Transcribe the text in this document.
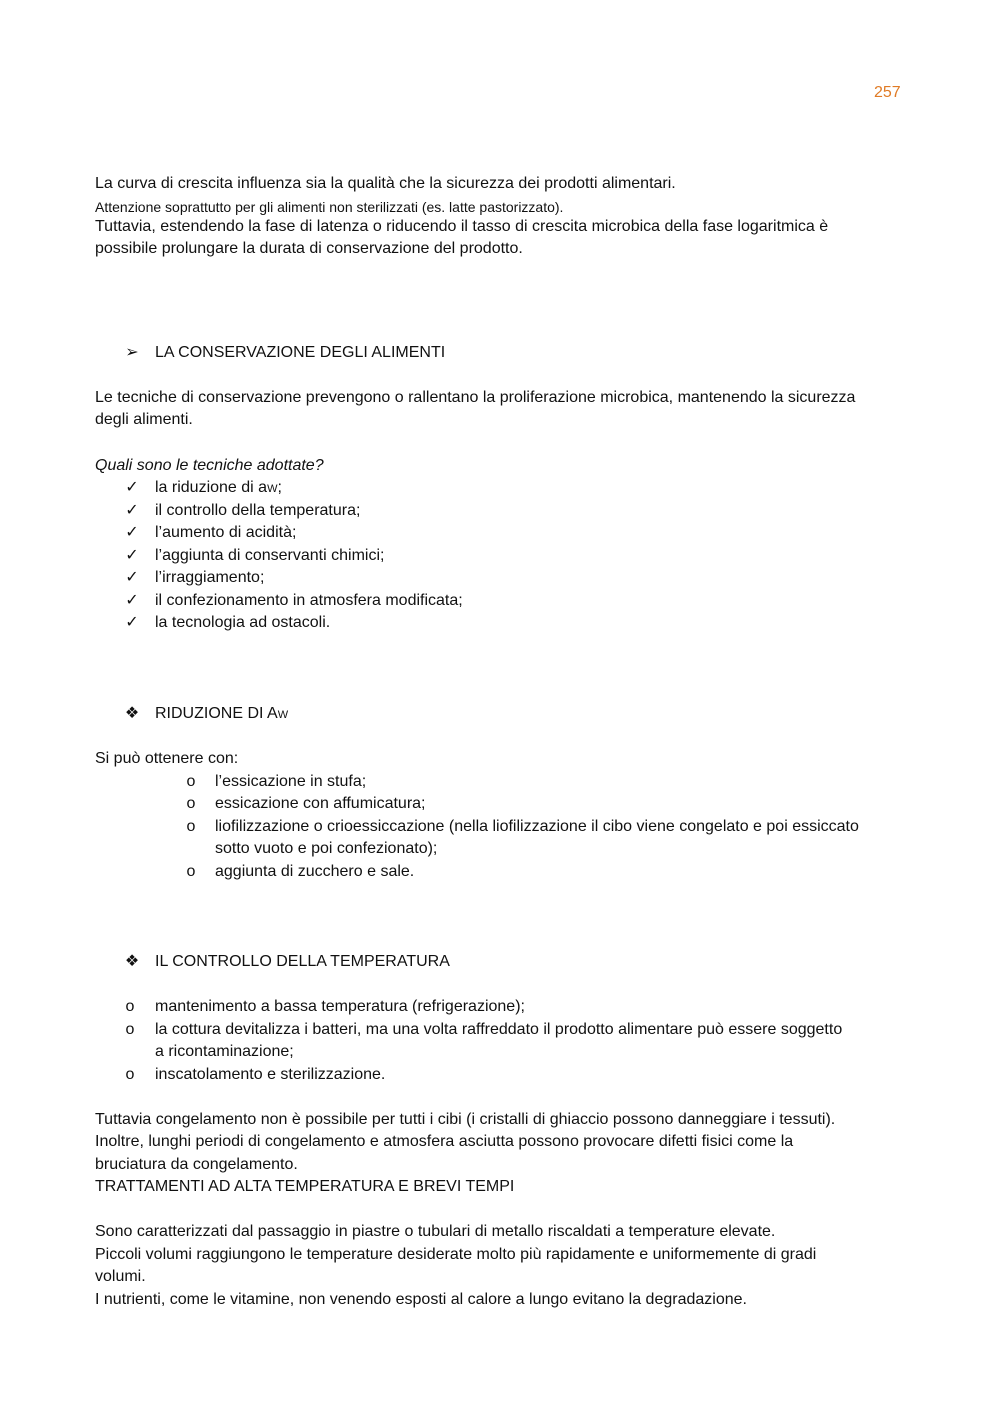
257

La curva di crescita influenza sia la qualità che la sicurezza dei prodotti alimentari.

Attenzione soprattutto per gli alimenti non sterilizzati (es. latte pastorizzato).

Tuttavia, estendendo la fase di latenza o riducendo il tasso di crescita microbica della fase logaritmica è

possibile prolungare la durata di conservazione del prodotto.

➢ LA CONSERVAZIONE DEGLI ALIMENTI

Le tecniche di conservazione prevengono o rallentano la proliferazione microbica, mantenendo la sicurezza

degli alimenti.

Quali sono le tecniche adottate?

✓ la riduzione di aW;
✓ il controllo della temperatura;
✓ l’aumento di acidità;
✓ l’aggiunta di conservanti chimici;
✓ l’irraggiamento;
✓ il confezionamento in atmosfera modificata;
✓ la tecnologia ad ostacoli.
❖ RIDUZIONE DI AW

Si può ottenere con:

o	l’essicazione in stufa;
o	essicazione con affumicatura;
o	liofilizzazione o crioessiccazione (nella liofilizzazione il cibo viene congelato e poi essiccato
sotto vuoto e poi confezionato);
o	aggiunta di zucchero e sale.
❖ IL CONTROLLO DELLA TEMPERATURA
o	mantenimento a bassa temperatura (refrigerazione);
o	la cottura devitalizza i batteri, ma una volta raffreddato il prodotto alimentare può essere soggetto
a ricontaminazione;
o	inscatolamento e sterilizzazione.

Tuttavia congelamento non è possibile per tutti i cibi (i cristalli di ghiaccio possono danneggiare i tessuti).

Inoltre, lunghi periodi di congelamento e atmosfera asciutta possono provocare difetti fisici come la

bruciatura da congelamento.

TRATTAMENTI AD ALTA TEMPERATURA E BREVI TEMPI

Sono caratterizzati dal passaggio in piastre o tubulari di metallo riscaldati a temperature elevate.

Piccoli volumi raggiungono le temperature desiderate molto più rapidamente e uniformemente di gradi

volumi.

I nutrienti, come le vitamine, non venendo esposti al calore a lungo evitano la degradazione.
